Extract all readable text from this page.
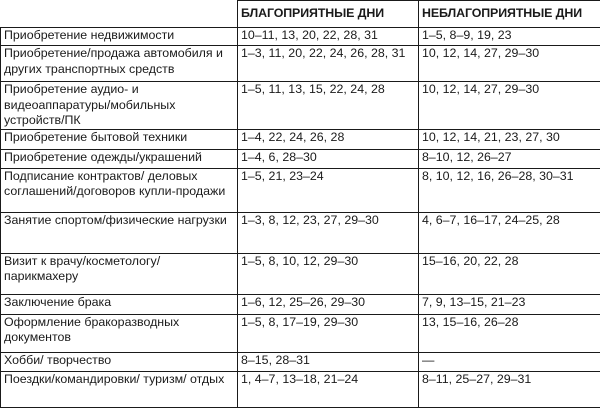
	БЛАГОПРИЯТНЫЕ ДНИ	НЕБЛАГОПРИЯТНЫЕ ДНИ
Приобретение недвижимости	10–11, 13, 20, 22, 28, 31	1–5, 8–9, 19, 23
Приобретение/продажа автомобиля и других транспортных средств	1–3, 11, 20, 22, 24, 26, 28, 31	10, 12, 14, 27, 29–30
Приобретение аудио- и видеоаппаратуры/мобильных устройств/ПК	1–5, 11, 13, 15, 22, 24, 28	10, 12, 14, 27, 29–30
Приобретение бытовой техники	1–4, 22, 24, 26, 28	10, 12, 14, 21, 23, 27, 30
Приобретение одежды/украшений	1–4, 6, 28–30	8–10, 12, 26–27
Подписание контрактов/ деловых соглашений/договоров купли-продажи	1–5, 21, 23–24	8, 10, 12, 16, 26–28, 30–31
Занятие спортом/физические нагрузки	1–3, 8, 12, 23, 27, 29–30	4, 6–7, 16–17, 24–25, 28
Визит к врачу/косметологу/ парикмахеру	1–5, 8, 10, 12, 29–30	15–16, 20, 22, 28
Заключение брака	1–6, 12, 25–26, 29–30	7, 9, 13–15, 21–23
Оформление бракоразводных документов	1–5, 8, 17–19, 29–30	13, 15–16, 26–28
Хобби/ творчество	8–15, 28–31	—
Поездки/командировки/ туризм/ отдых	1, 4–7, 13–18, 21–24	8–11, 25–27, 29–31
